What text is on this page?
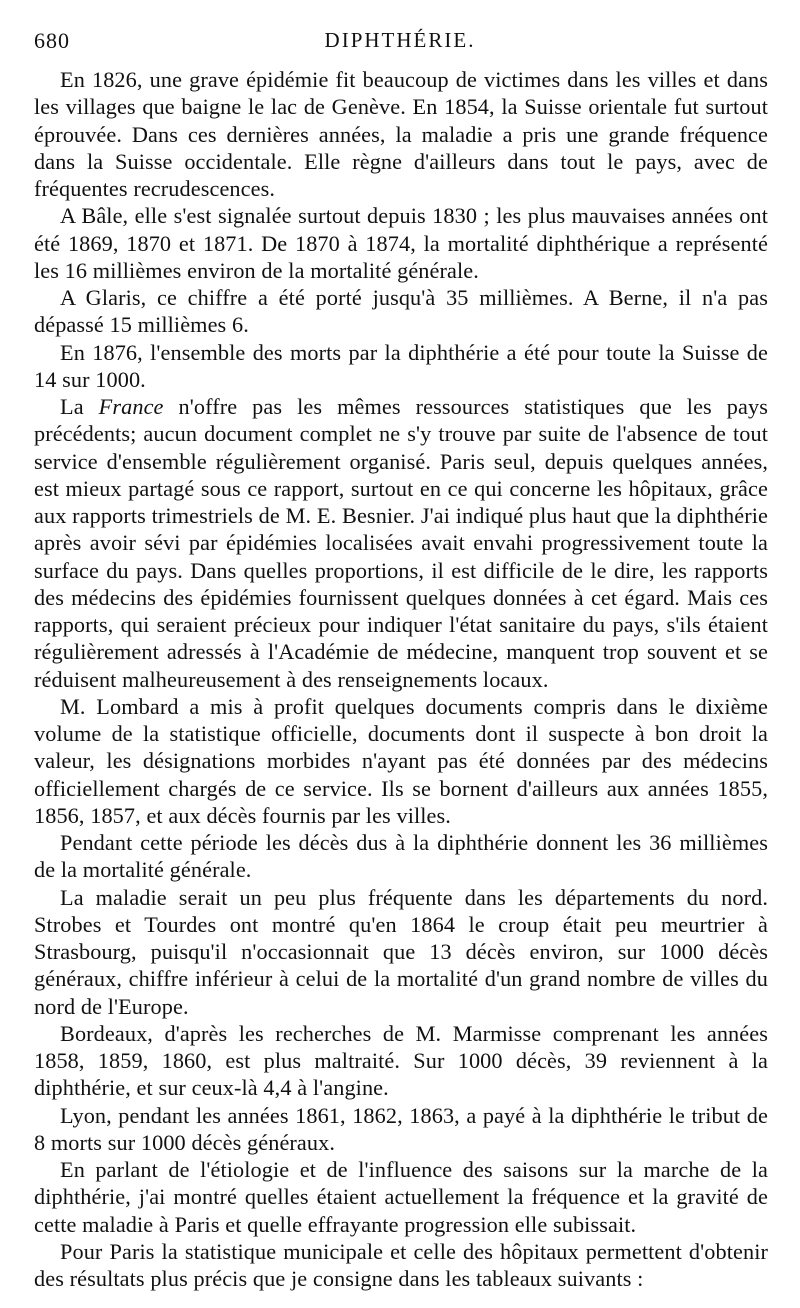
680	DIPHTHÉRIE.

En 1826, une grave épidémie fit beaucoup de victimes dans les villes et dans les villages que baigne le lac de Genève. En 1854, la Suisse orientale fut surtout éprouvée. Dans ces dernières années, la maladie a pris une grande fréquence dans la Suisse occidentale. Elle règne d'ailleurs dans tout le pays, avec de fréquentes recrudescences.

A Bâle, elle s'est signalée surtout depuis 1830 ; les plus mauvaises années ont été 1869, 1870 et 1871. De 1870 à 1874, la mortalité diphthérique a représenté les 16 millièmes environ de la mortalité générale.

A Glaris, ce chiffre a été porté jusqu'à 35 millièmes. A Berne, il n'a pas dépassé 15 millièmes 6.

En 1876, l'ensemble des morts par la diphthérie a été pour toute la Suisse de 14 sur 1000.

La France n'offre pas les mêmes ressources statistiques que les pays précédents; aucun document complet ne s'y trouve par suite de l'absence de tout service d'ensemble régulièrement organisé. Paris seul, depuis quelques années, est mieux partagé sous ce rapport, surtout en ce qui concerne les hôpitaux, grâce aux rapports trimestriels de M. E. Besnier. J'ai indiqué plus haut que la diphthérie après avoir sévi par épidémies localisées avait envahi progressivement toute la surface du pays. Dans quelles proportions, il est difficile de le dire, les rapports des médecins des épidémies fournissent quelques données à cet égard. Mais ces rapports, qui seraient précieux pour indiquer l'état sanitaire du pays, s'ils étaient régulièrement adressés à l'Académie de médecine, manquent trop souvent et se réduisent malheureusement à des renseignements locaux.

M. Lombard a mis à profit quelques documents compris dans le dixième volume de la statistique officielle, documents dont il suspecte à bon droit la valeur, les désignations morbides n'ayant pas été données par des médecins officiellement chargés de ce service. Ils se bornent d'ailleurs aux années 1855, 1856, 1857, et aux décès fournis par les villes.

Pendant cette période les décès dus à la diphthérie donnent les 36 millièmes de la mortalité générale.

La maladie serait un peu plus fréquente dans les départements du nord. Strobes et Tourdes ont montré qu'en 1864 le croup était peu meurtrier à Strasbourg, puisqu'il n'occasionnait que 13 décès environ, sur 1000 décès généraux, chiffre inférieur à celui de la mortalité d'un grand nombre de villes du nord de l'Europe.

Bordeaux, d'après les recherches de M. Marmisse comprenant les années 1858, 1859, 1860, est plus maltraité. Sur 1000 décès, 39 reviennent à la diphthérie, et sur ceux-là 4,4 à l'angine.

Lyon, pendant les années 1861, 1862, 1863, a payé à la diphthérie le tribut de 8 morts sur 1000 décès généraux.

En parlant de l'étiologie et de l'influence des saisons sur la marche de la diphthérie, j'ai montré quelles étaient actuellement la fréquence et la gravité de cette maladie à Paris et quelle effrayante progression elle subissait.

Pour Paris la statistique municipale et celle des hôpitaux permettent d'obtenir des résultats plus précis que je consigne dans les tableaux suivants :
